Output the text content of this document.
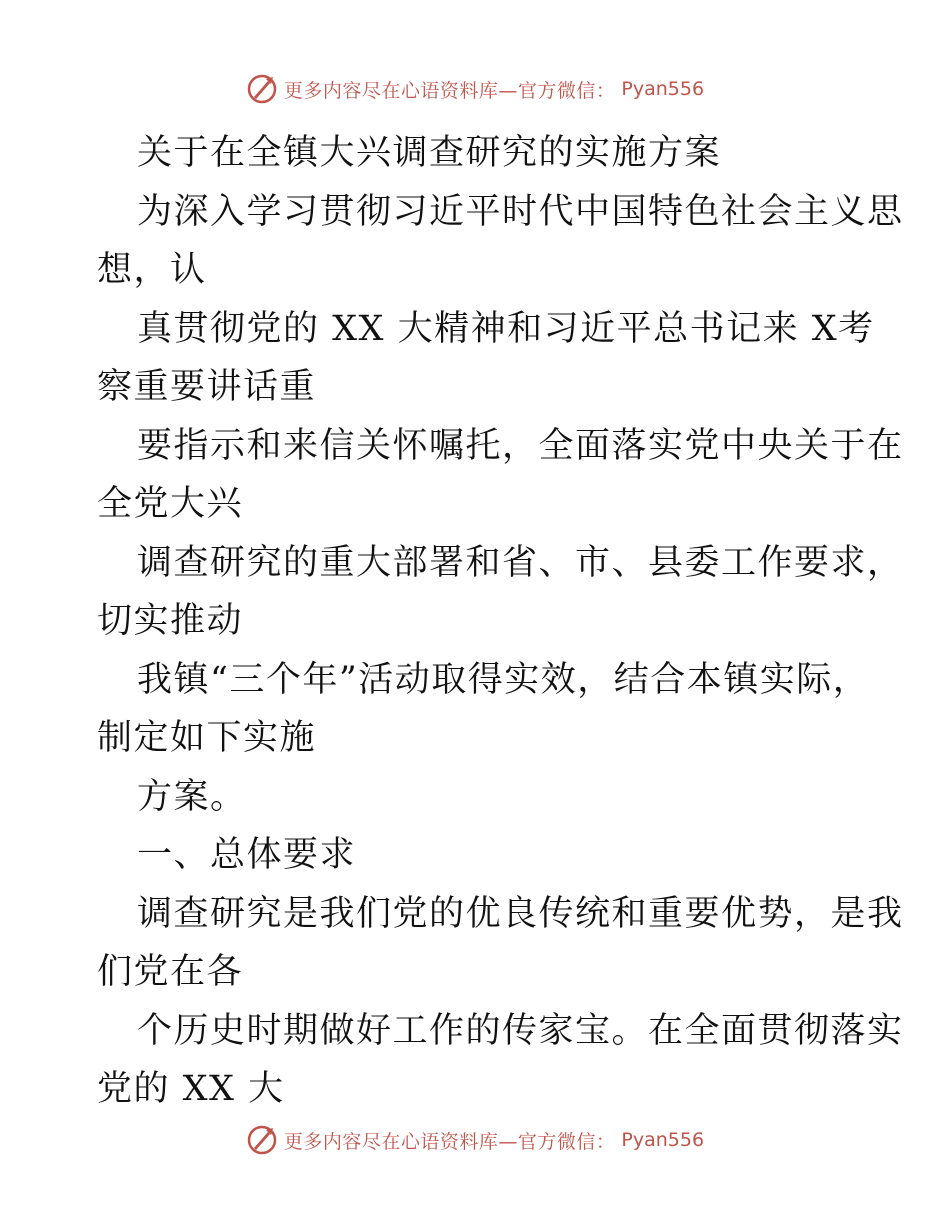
更多内容尽在心语资料库—官方微信： Pyan556
关于在全镇大兴调查研究的实施方案
为深入学习贯彻习近平时代中国特色社会主义思
想，认
真贯彻党的 XX 大精神和习近平总书记来 X考
察重要讲话重
要指示和来信关怀嘱托，全面落实党中央关于在
全党大兴
调查研究的重大部署和省、市、县委工作要求，
切实推动
我镇“三个年”活动取得实效，结合本镇实际，
制定如下实施
方案。
一、总体要求
调查研究是我们党的优良传统和重要优势，是我
们党在各
个历史时期做好工作的传家宝。在全面贯彻落实
党的 XX 大
更多内容尽在心语资料库—官方微信： Pyan556
